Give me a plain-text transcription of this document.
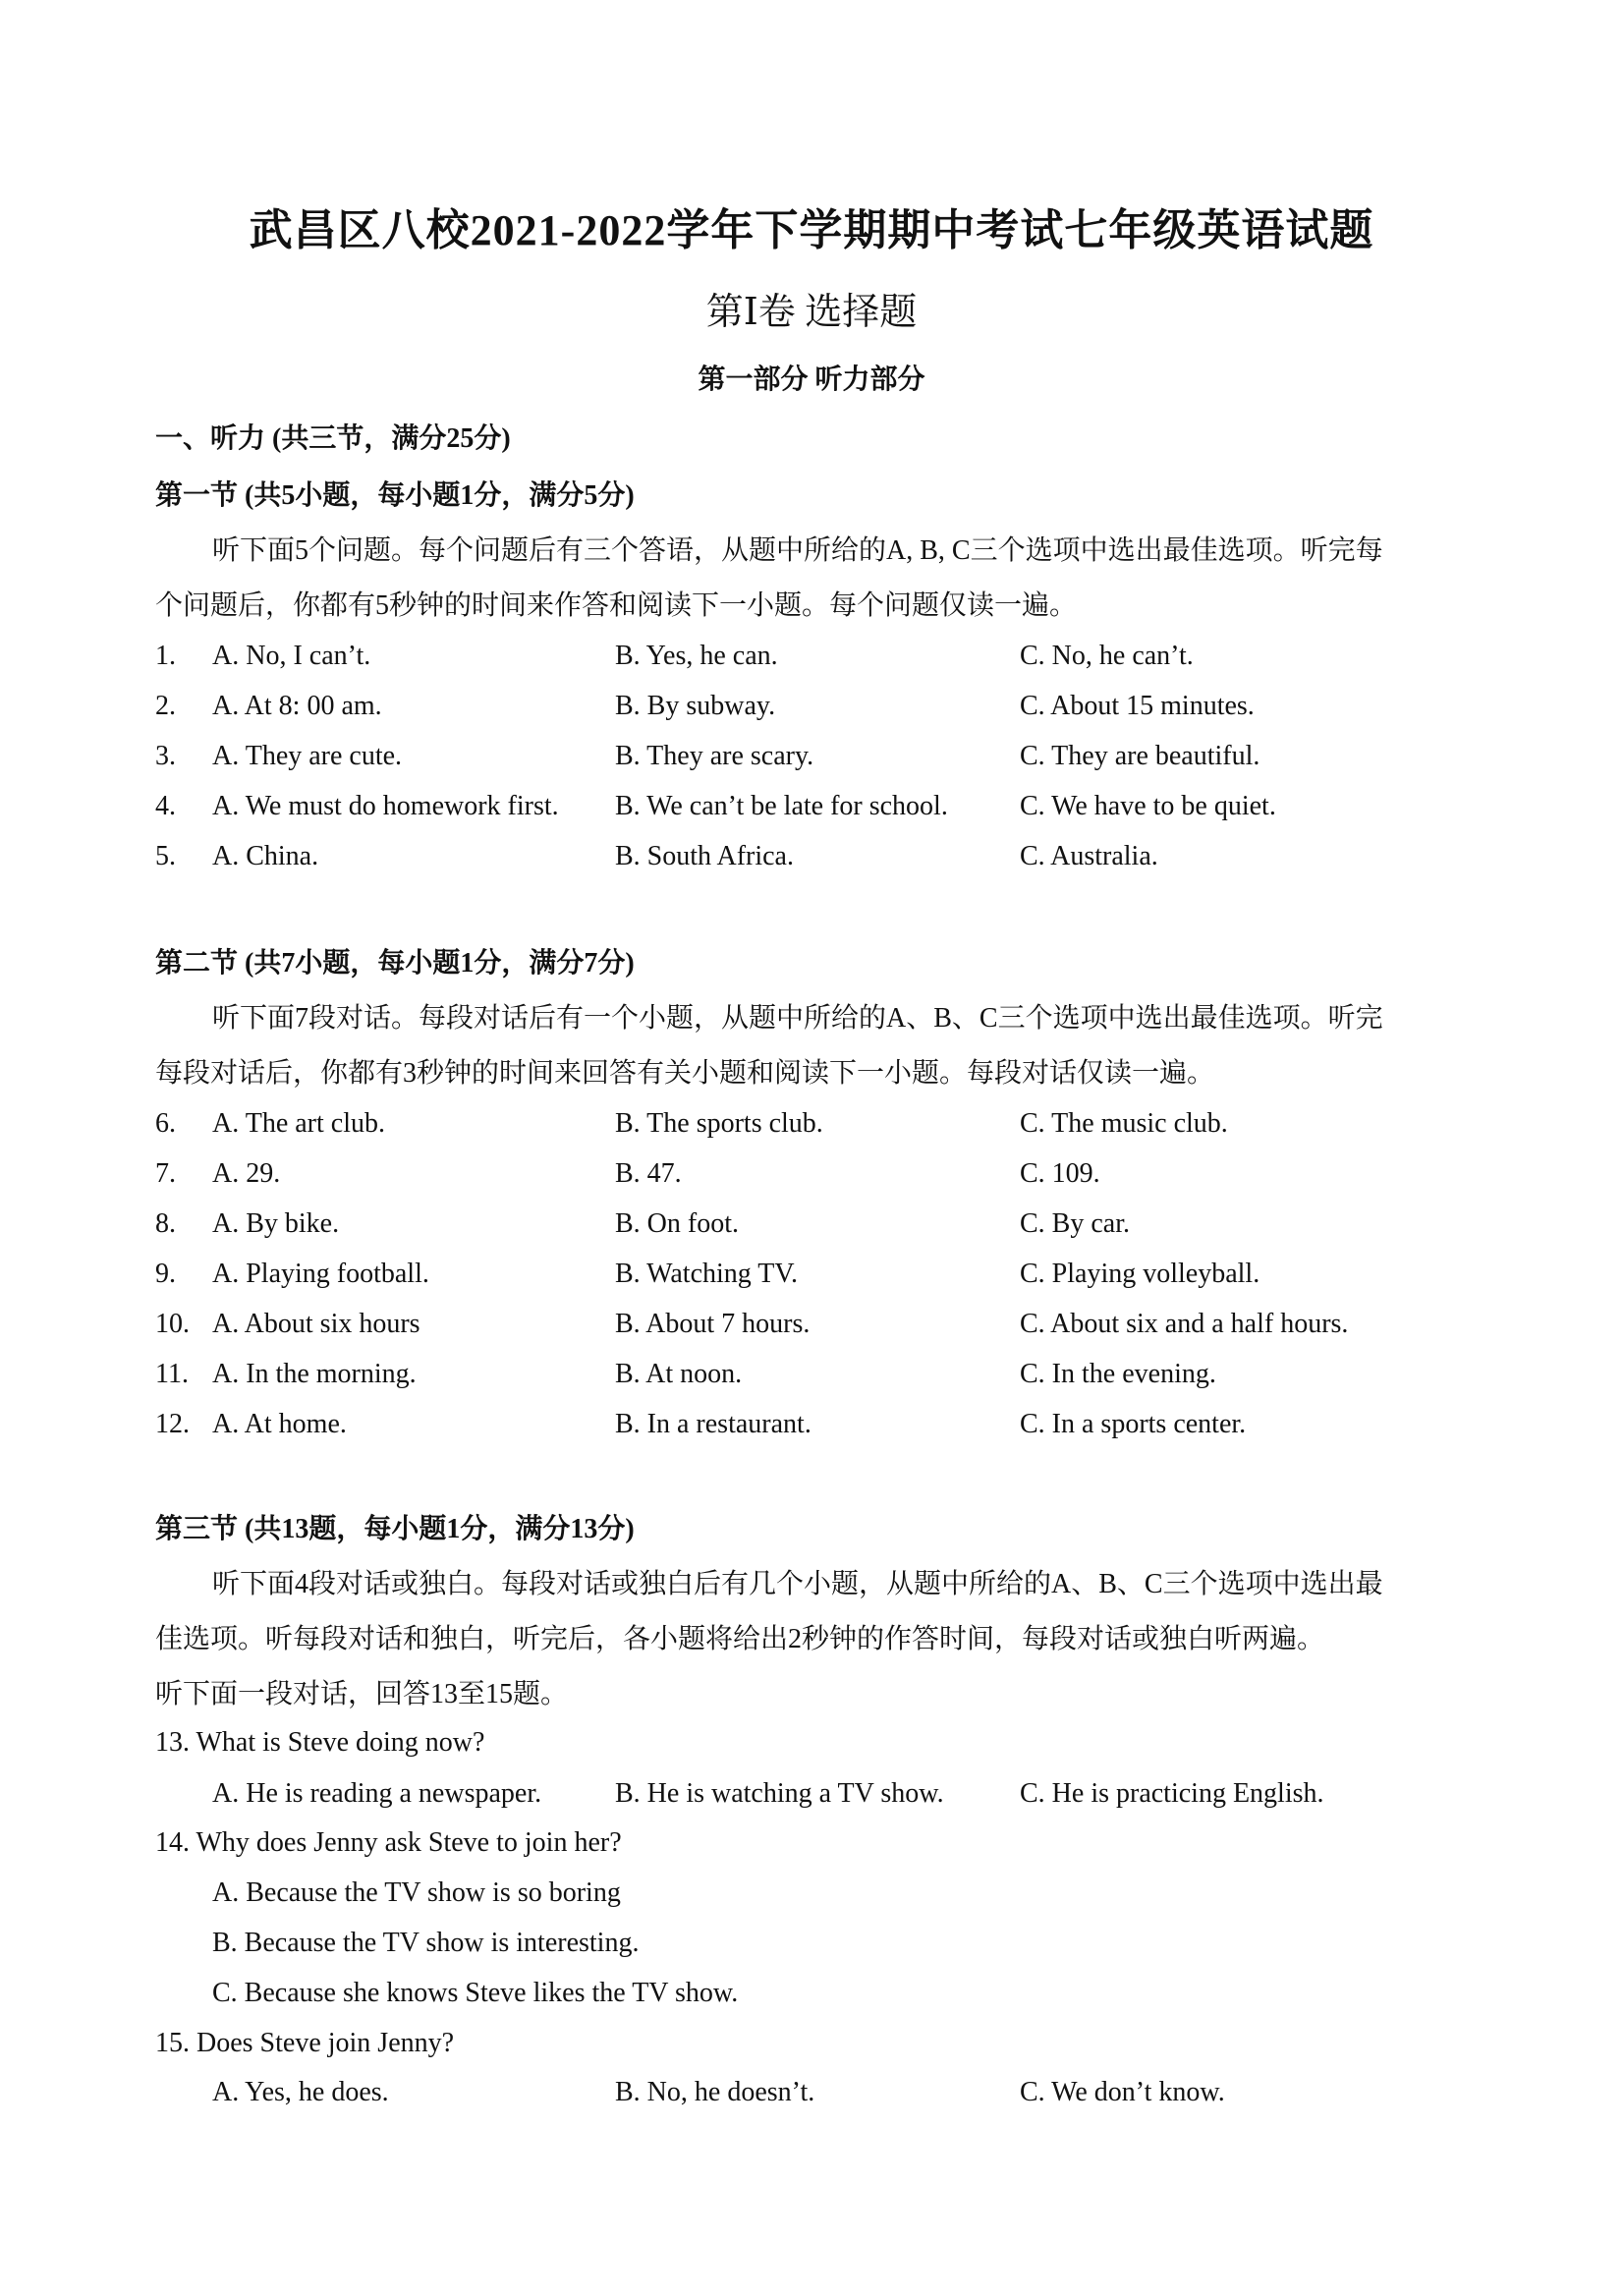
武昌区八校2021-2022学年下学期期中考试七年级英语试题
第Ⅰ卷 选择题
第一部分 听力部分
一、听力 (共三节，满分25分)
第一节 (共5小题，每小题1分，满分5分)
听下面5个问题。每个问题后有三个答语，从题中所给的A, B, C三个选项中选出最佳选项。听完每
个问题后，你都有5秒钟的时间来作答和阅读下一小题。每个问题仅读一遍。
1. A. No, I can’t.	B. Yes, he can.	C. No, he can’t.
2. A. At 8: 00 am.	B. By subway.	C. About 15 minutes.
3. A. They are cute.	B. They are scary.	C. They are beautiful.
4. A. We must do homework first. B. We can’t be late for school.	C. We have to be quiet.
5. A. China.	B. South Africa.	C. Australia.
第二节 (共7小题，每小题1分，满分7分)
听下面7段对话。每段对话后有一个小题，从题中所给的A、B、C三个选项中选出最佳选项。听完
每段对话后，你都有3秒钟的时间来回答有关小题和阅读下一小题。每段对话仅读一遍。
6. A. The art club.	B. The sports club.	C. The music club.
7. A. 29.	B. 47.	C. 109.
8. A. By bike.	B. On foot.	C. By car.
9. A. Playing football.	B. Watching TV.	C. Playing volleyball.
10. A. About six hours	B. About 7 hours.	C. About six and a half hours.
11. A. In the morning.	B. At noon.	C. In the evening.
12. A. At home.	B. In a restaurant.	C. In a sports center.
第三节 (共13题，每小题1分，满分13分)
听下面4段对话或独白。每段对话或独白后有几个小题，从题中所给的A、B、C三个选项中选出最
佳选项。听每段对话和独白，听完后，各小题将给出2秒钟的作答时间，每段对话或独白听两遍。
听下面一段对话，回答13至15题。
13. What is Steve doing now?
A. He is reading a newspaper.	B. He is watching a TV show.	C. He is practicing English.
14. Why does Jenny ask Steve to join her?
A. Because the TV show is so boring
B. Because the TV show is interesting.
C. Because she knows Steve likes the TV show.
15. Does Steve join Jenny?
A. Yes, he does.	B. No, he doesn’t.	C. We don’t know.
